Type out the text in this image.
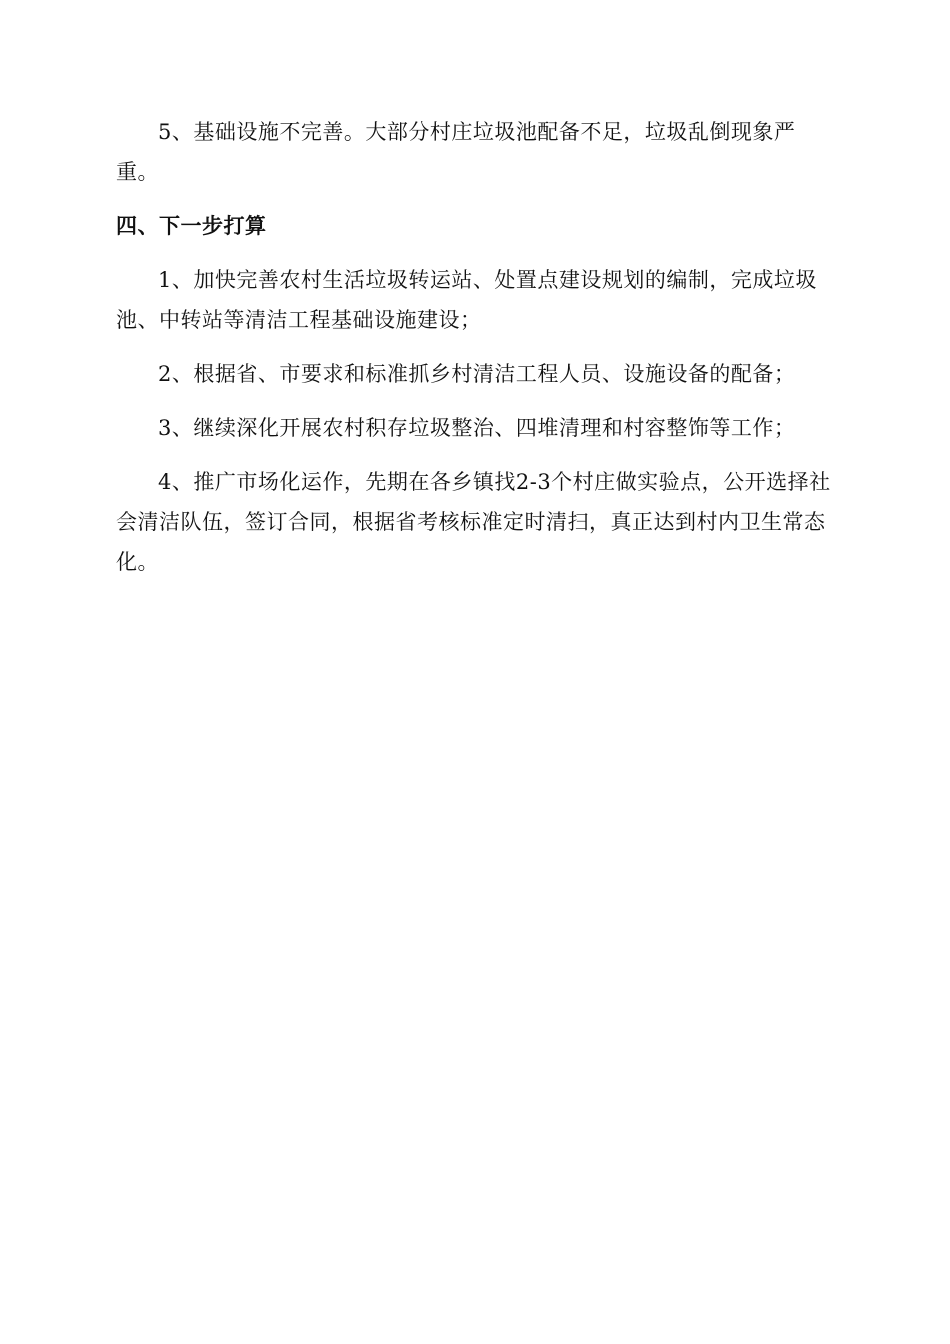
5、基础设施不完善。大部分村庄垃圾池配备不足，垃圾乱倒现象严重。

四、下一步打算

1、加快完善农村生活垃圾转运站、处置点建设规划的编制，完成垃圾池、中转站等清洁工程基础设施建设；

2、根据省、市要求和标准抓乡村清洁工程人员、设施设备的配备；

3、继续深化开展农村积存垃圾整治、四堆清理和村容整饰等工作；

4、推广市场化运作，先期在各乡镇找2-3个村庄做实验点，公开选择社会清洁队伍，签订合同，根据省考核标准定时清扫，真正达到村内卫生常态化。
